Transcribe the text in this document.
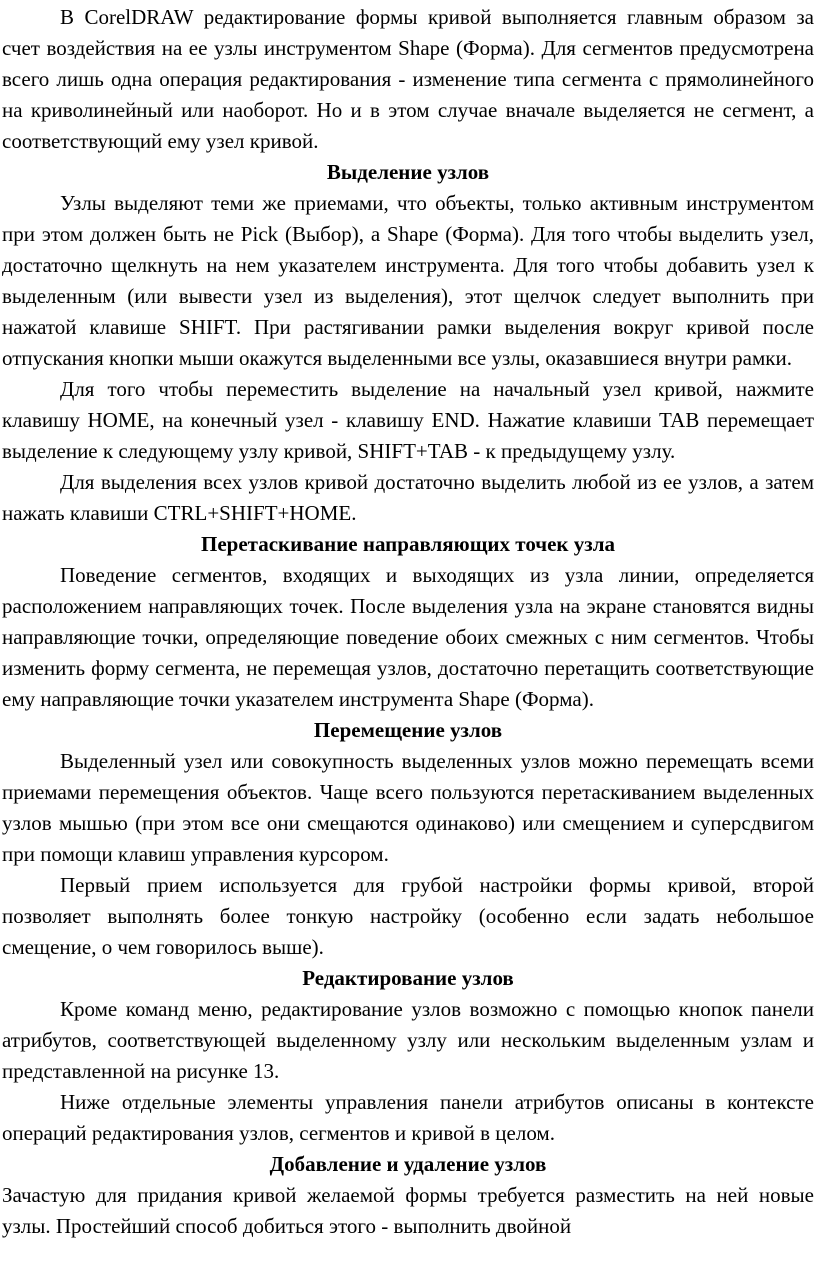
В CorelDRAW редактирование формы кривой выполняется главным образом за счет воздействия на ее узлы инструментом Shape (Форма). Для сегментов предусмотрена всего лишь одна операция редактирования - изменение типа сегмента с прямолинейного на криволинейный или наоборот. Но и в этом случае вначале выделяется не сегмент, а соответствующий ему узел кривой.

Выделение узлов

Узлы выделяют теми же приемами, что объекты, только активным инструментом при этом должен быть не Pick (Выбор), а Shape (Форма). Для того чтобы выделить узел, достаточно щелкнуть на нем указателем инструмента. Для того чтобы добавить узел к выделенным (или вывести узел из выделения), этот щелчок следует выполнить при нажатой клавише SHIFT. При растягивании рамки выделения вокруг кривой после отпускания кнопки мыши окажутся выделенными все узлы, оказавшиеся внутри рамки.

Для того чтобы переместить выделение на начальный узел кривой, нажмите клавишу HOME, на конечный узел - клавишу END. Нажатие клавиши TAB перемещает выделение к следующему узлу кривой, SHIFT+TAB - к предыдущему узлу.

Для выделения всех узлов кривой достаточно выделить любой из ее узлов, а затем нажать клавиши CTRL+SHIFT+HOME.

Перетаскивание направляющих точек узла

Поведение сегментов, входящих и выходящих из узла линии, определяется расположением направляющих точек. После выделения узла на экране становятся видны направляющие точки, определяющие поведение обоих смежных с ним сегментов. Чтобы изменить форму сегмента, не перемещая узлов, достаточно перетащить соответствующие ему направляющие точки указателем инструмента Shape (Форма).

Перемещение узлов

Выделенный узел или совокупность выделенных узлов можно перемещать всеми приемами перемещения объектов. Чаще всего пользуются перетаскиванием выделенных узлов мышью (при этом все они смещаются одинаково) или смещением и суперсдвигом при помощи клавиш управления курсором.

Первый прием используется для грубой настройки формы кривой, второй позволяет выполнять более тонкую настройку (особенно если задать небольшое смещение, о чем говорилось выше).

Редактирование узлов

Кроме команд меню, редактирование узлов возможно с помощью кнопок панели атрибутов, соответствующей выделенному узлу или нескольким выделенным узлам и представленной на рисунке 13.

Ниже отдельные элементы управления панели атрибутов описаны в контексте операций редактирования узлов, сегментов и кривой в целом.

Добавление и удаление узлов

Зачастую для придания кривой желаемой формы требуется разместить на ней новые узлы. Простейший способ добиться этого - выполнить двойной
